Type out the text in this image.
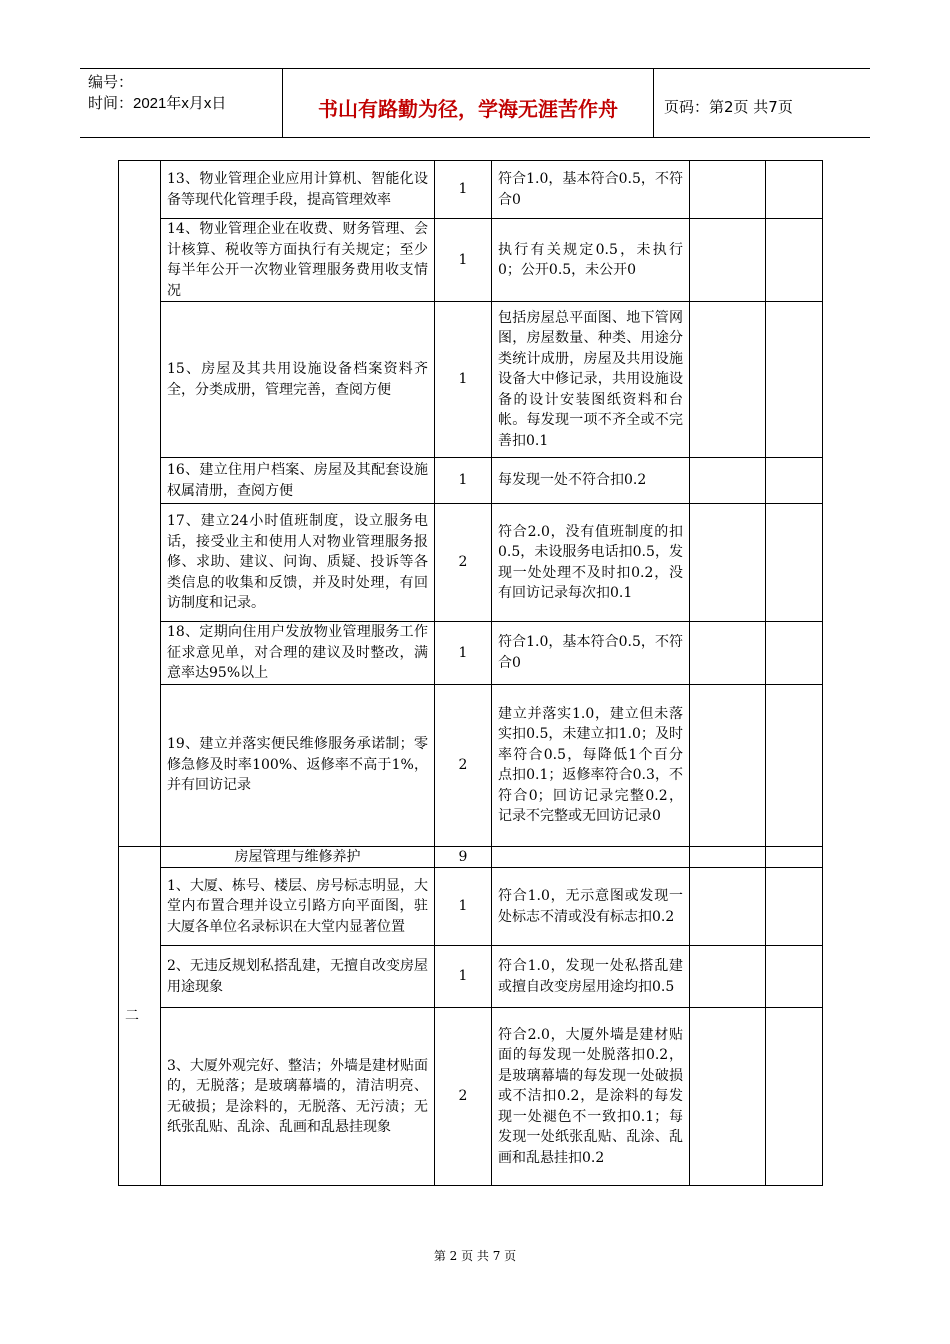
编号：
时间：2021年x月x日	书山有路勤为径，学海无涯苦作舟	页码：第2页 共7页
	13、物业管理企业应用计算机、智能化设备等现代化管理手段，提高管理效率	1	符合1.0，基本符合0.5，不符合0		
	14、物业管理企业在收费、财务管理、会计核算、税收等方面执行有关规定；至少每半年公开一次物业管理服务费用收支情况	1	执行有关规定0.5，未执行0；公开0.5，未公开0		
	15、房屋及其共用设施设备档案资料齐全，分类成册，管理完善，查阅方便	1	包括房屋总平面图、地下管网图，房屋数量、种类、用途分类统计成册，房屋及共用设施设备大中修记录，共用设施设备的设计安装图纸资料和台帐。每发现一项不齐全或不完善扣0.1		
	16、建立住用户档案、房屋及其配套设施权属清册，查阅方便	1	每发现一处不符合扣0.2		
	17、建立24小时值班制度，设立服务电话，接受业主和使用人对物业管理服务报修、求助、建议、问询、质疑、投诉等各类信息的收集和反馈，并及时处理，有回访制度和记录。	2	符合2.0，没有值班制度的扣0.5，未设服务电话扣0.5，发现一处处理不及时扣0.2，没有回访记录每次扣0.1		
	18、定期向住用户发放物业管理服务工作征求意见单，对合理的建议及时整改，满意率达95%以上	1	符合1.0，基本符合0.5，不符合0		
	19、建立并落实便民维修服务承诺制；零修急修及时率100%、返修率不高于1%，并有回访记录	2	建立并落实1.0，建立但未落实扣0.5，未建立扣1.0；及时率符合0.5，每降低1个百分点扣0.1；返修率符合0.3，不符合0；回访记录完整0.2，记录不完整或无回访记录0		
二	房屋管理与维修养护	9			
	1、大厦、栋号、楼层、房号标志明显，大堂内布置合理并设立引路方向平面图，驻大厦各单位名录标识在大堂内显著位置	1	符合1.0，无示意图或发现一处标志不清或没有标志扣0.2		
	2、无违反规划私搭乱建，无擅自改变房屋用途现象	1	符合1.0，发现一处私搭乱建或擅自改变房屋用途均扣0.5		
	3、大厦外观完好、整洁；外墙是建材贴面的，无脱落；是玻璃幕墙的，清洁明亮、无破损；是涂料的，无脱落、无污渍；无纸张乱贴、乱涂、乱画和乱悬挂现象	2	符合2.0，大厦外墙是建材贴面的每发现一处脱落扣0.2，是玻璃幕墙的每发现一处破损或不洁扣0.2，是涂料的每发现一处褪色不一致扣0.1；每发现一处纸张乱贴、乱涂、乱画和乱悬挂扣0.2		
第 2 页 共 7 页
